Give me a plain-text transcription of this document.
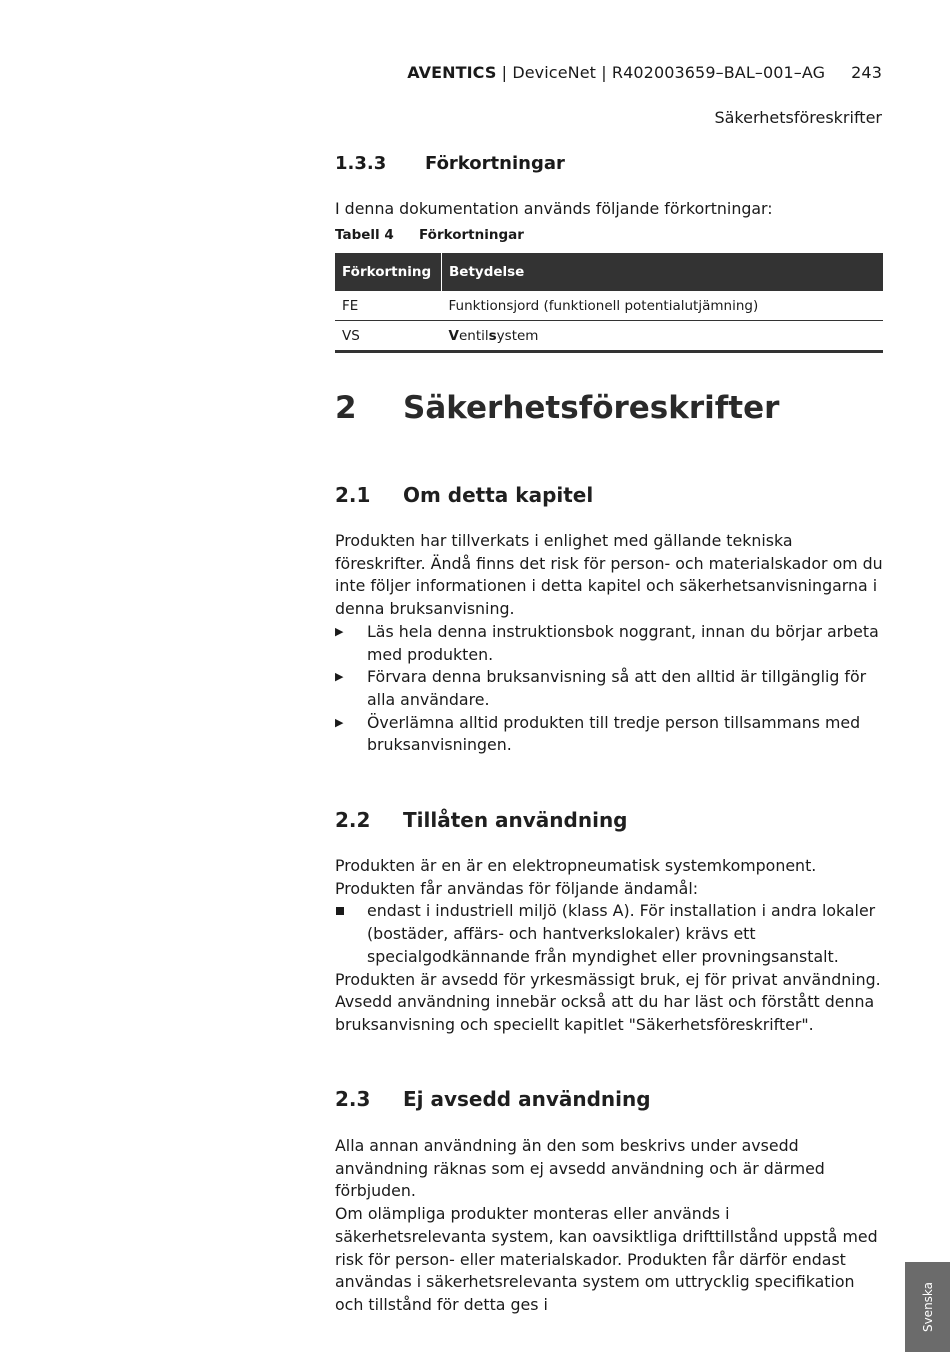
AVENTICS | DeviceNet | R402003659–BAL–001–AG 243
Säkerhetsföreskrifter
1.3.3 Förkortningar
I denna dokumentation används följande förkortningar:
Tabell 4 Förkortningar
Förkortning	Betydelse
FE	Funktionsjord (funktionell potentialutjämning)
VS	Ventilsystem
2 Säkerhetsföreskrifter
2.1 Om detta kapitel

Produkten har tillverkats i enlighet med gällande tekniska föreskrifter. Ändå finns det risk för person- och materialskador om du inte följer informationen i detta kapitel och säkerhetsanvisningarna i denna bruksanvisning.

▶ Läs hela denna instruktionsbok noggrant, innan du börjar arbeta med produkten.
▶ Förvara denna bruksanvisning så att den alltid är tillgänglig för alla användare.
▶ Överlämna alltid produkten till tredje person tillsammans med bruksanvisningen.
2.2 Tillåten användning

Produkten är en är en elektropneumatisk systemkomponent.

Produkten får användas för följande ändamål:

endast i industriell miljö (klass A). För installation i andra lokaler (bostäder, affärs- och hantverkslokaler) krävs ett specialgodkännande från myndighet eller provningsanstalt.

Produkten är avsedd för yrkesmässigt bruk, ej för privat användning.

Avsedd användning innebär också att du har läst och förstått denna bruksanvisning och speciellt kapitlet "Säkerhetsföreskrifter".

2.3 Ej avsedd användning

Alla annan användning än den som beskrivs under avsedd användning räknas som ej avsedd användning och är därmed förbjuden.

Om olämpliga produkter monteras eller används i säkerhetsrelevanta system, kan oavsiktliga drifttillstånd uppstå med risk för person- eller materialskador. Produkten får därför endast användas i säkerhetsrelevanta system om uttrycklig specifikation och tillstånd för detta ges i	Svenska
